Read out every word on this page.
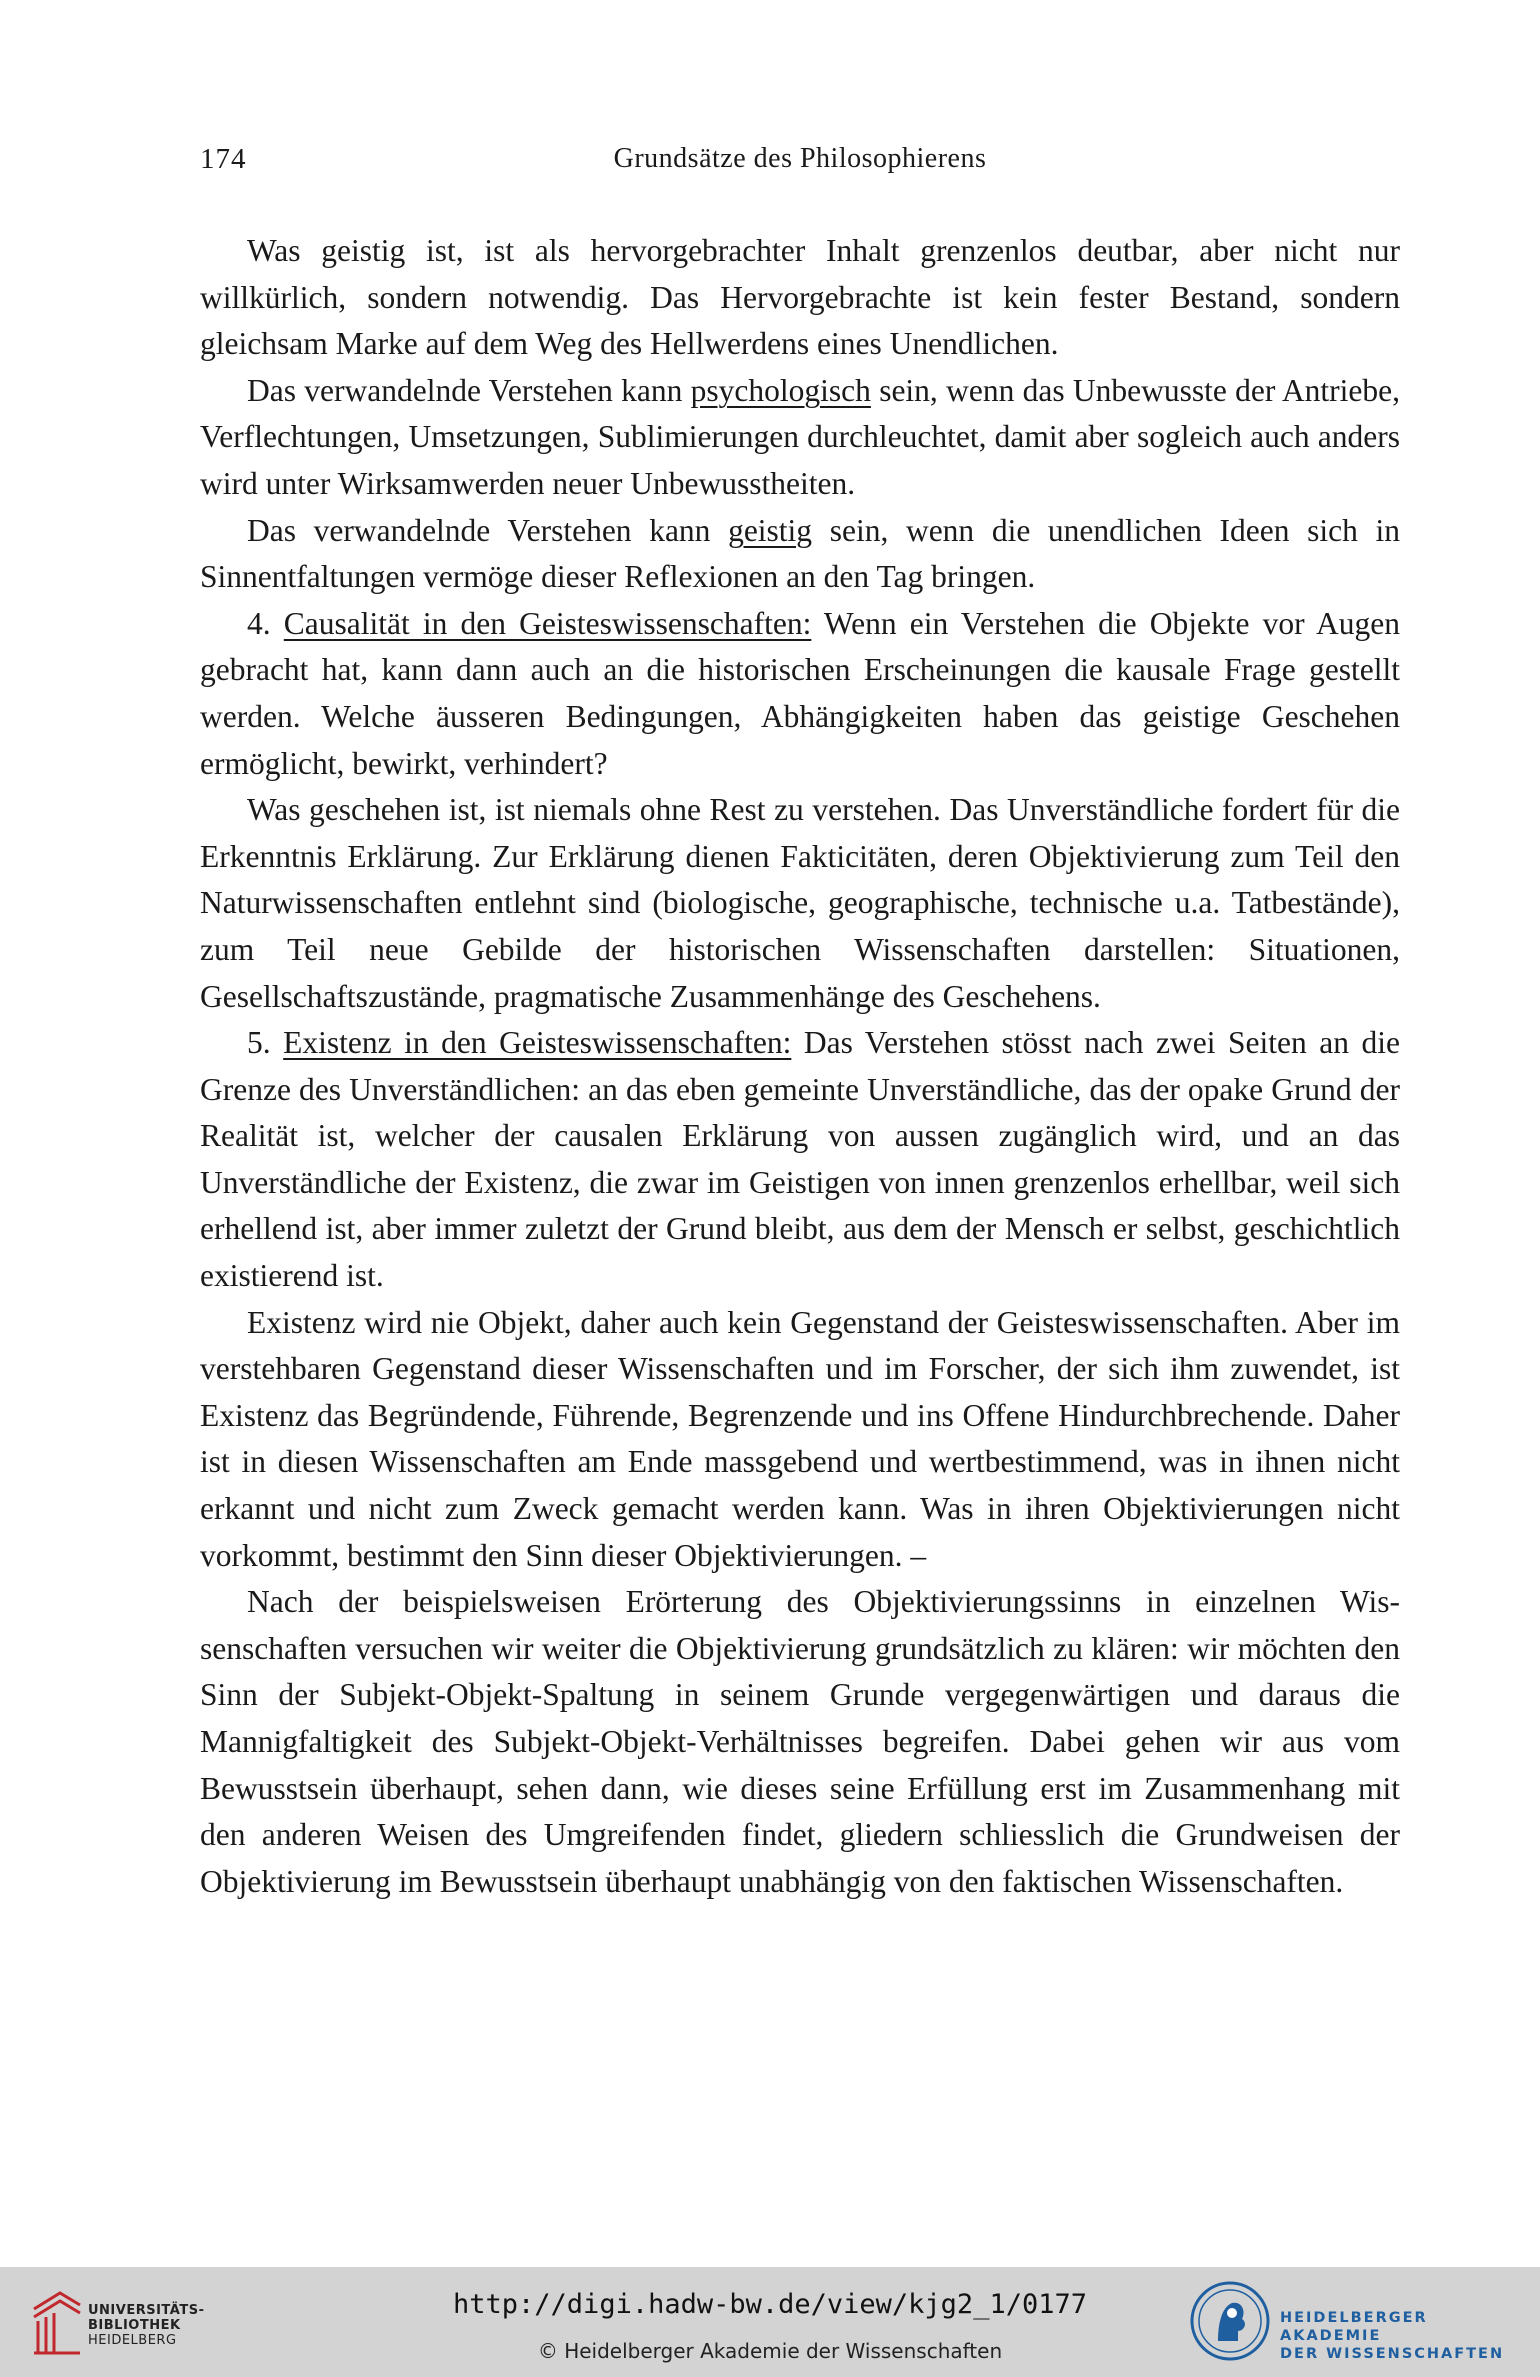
174	Grundsätze des Philosophierens

Was geistig ist, ist als hervorgebrachter Inhalt grenzenlos deutbar, aber nicht nur willkürlich, sondern notwendig. Das Hervorgebrachte ist kein fester Bestand, sondern gleichsam Marke auf dem Weg des Hellwerdens eines Unendlichen.

Das verwandelnde Verstehen kann psychologisch sein, wenn das Unbewusste der Antriebe, Verflechtungen, Umsetzungen, Sublimierungen durchleuchtet, damit aber sogleich auch anders wird unter Wirksamwerden neuer Unbewusstheiten.

Das verwandelnde Verstehen kann geistig sein, wenn die unendlichen Ideen sich in Sinnentfaltungen vermöge dieser Reflexionen an den Tag bringen.

4. Causalität in den Geisteswissenschaften: Wenn ein Verstehen die Objekte vor Augen gebracht hat, kann dann auch an die historischen Erscheinungen die kausale Frage gestellt werden. Welche äusseren Bedingungen, Abhängigkeiten haben das geistige Geschehen ermöglicht, bewirkt, verhindert?

Was geschehen ist, ist niemals ohne Rest zu verstehen. Das Unverständliche fordert für die Erkenntnis Erklärung. Zur Erklärung dienen Fakticitäten, deren Objektivierung zum Teil den Naturwissenschaften entlehnt sind (biologische, geographische, technische u.a. Tatbestände), zum Teil neue Gebilde der historischen Wissenschaften darstellen: Situationen, Gesellschaftszustände, pragmatische Zusammenhänge des Geschehens.

5. Existenz in den Geisteswissenschaften: Das Verstehen stösst nach zwei Seiten an die Grenze des Unverständlichen: an das eben gemeinte Unverständliche, das der opake Grund der Realität ist, welcher der causalen Erklärung von aussen zugänglich wird, und an das Unverständliche der Existenz, die zwar im Geistigen von innen grenzenlos erhellbar, weil sich erhellend ist, aber immer zuletzt der Grund bleibt, aus dem der Mensch er selbst, geschichtlich existierend ist.

Existenz wird nie Objekt, daher auch kein Gegenstand der Geisteswissenschaften. Aber im verstehbaren Gegenstand dieser Wissenschaften und im Forscher, der sich ihm zuwendet, ist Existenz das Begründende, Führende, Begrenzende und ins Offene Hindurchbrechende. Daher ist in diesen Wissenschaften am Ende massgebend und wertbestimmend, was in ihnen nicht erkannt und nicht zum Zweck gemacht werden kann. Was in ihren Objektivierungen nicht vorkommt, bestimmt den Sinn dieser Objektivierungen. –

Nach der beispielsweisen Erörterung des Objektivierungssinns in einzelnen Wissenschaften versuchen wir weiter die Objektivierung grundsätzlich zu klären: wir möchten den Sinn der Subjekt-Objekt-Spaltung in seinem Grunde vergegenwärtigen und daraus die Mannigfaltigkeit des Subjekt-Objekt-Verhältnisses begreifen. Dabei gehen wir aus vom Bewusstsein überhaupt, sehen dann, wie dieses seine Erfüllung erst im Zusammenhang mit den anderen Weisen des Umgreifenden findet, gliedern schliesslich die Grundweisen der Objektivierung im Bewusstsein überhaupt unabhängig von den faktischen Wissenschaften.

UNIVERSITÄTS-
BIBLIOTHEK
HEIDELBERG
http://digi.hadw-bw.de/view/kjg2_1/0177
© Heidelberger Akademie der Wissenschaften
HEIDELBERGER AKADEMIE
DER WISSENSCHAFTEN
